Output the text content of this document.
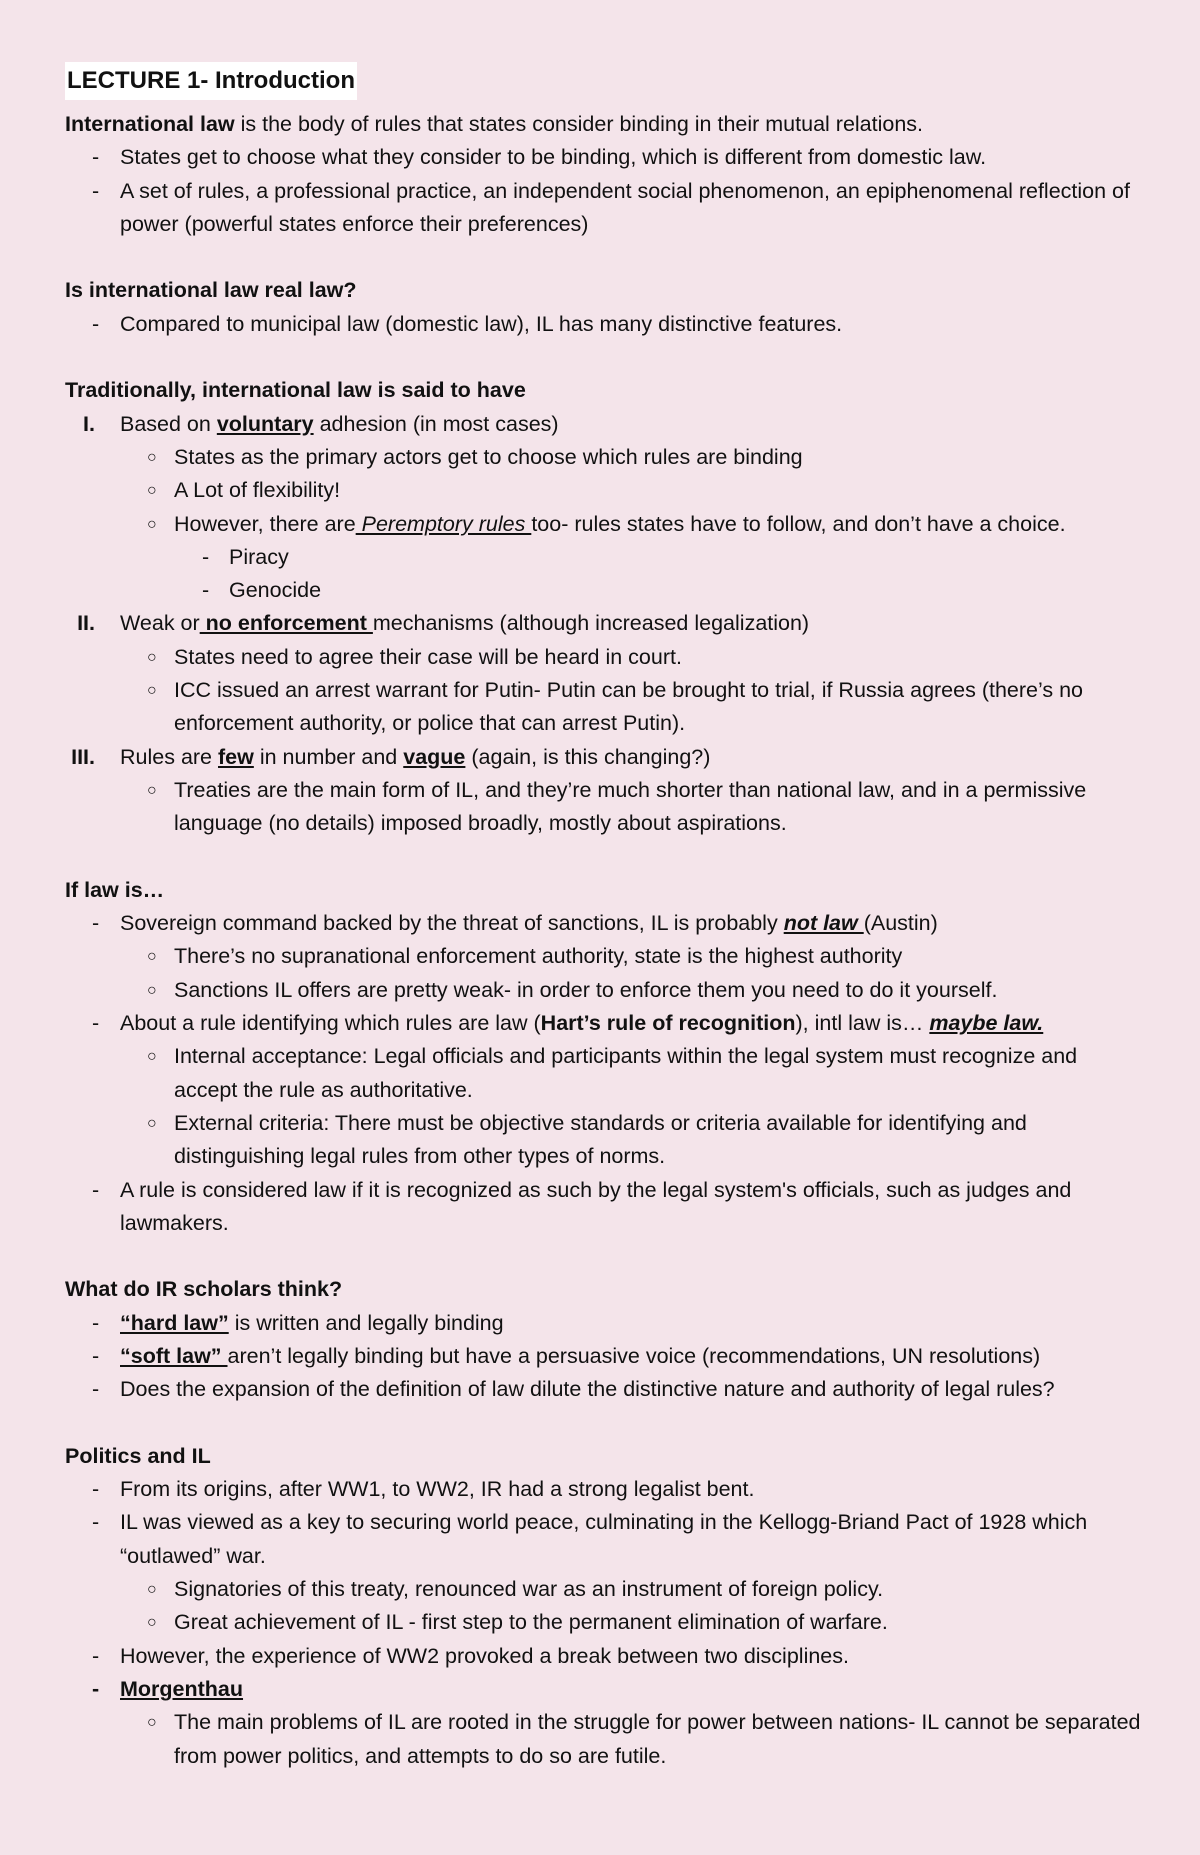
LECTURE 1- Introduction

International law is the body of rules that states consider binding in their mutual relations.

- States get to choose what they consider to be binding, which is different from domestic law.
- A set of rules, a professional practice, an independent social phenomenon, an epiphenomenal reflection of power (powerful states enforce their preferences)

Is international law real law?

- Compared to municipal law (domestic law), IL has many distinctive features.

Traditionally, international law is said to have

I. Based on voluntary adhesion (in most cases)
○ States as the primary actors get to choose which rules are binding
○ A Lot of flexibility!
○ However, there are Peremptory rules too- rules states have to follow, and don’t have a choice.
- Piracy
- Genocide
II. Weak or no enforcement mechanisms (although increased legalization)
○ States need to agree their case will be heard in court.
○ ICC issued an arrest warrant for Putin- Putin can be brought to trial, if Russia agrees (there’s no enforcement authority, or police that can arrest Putin).
III. Rules are few in number and vague (again, is this changing?)
○ Treaties are the main form of IL, and they’re much shorter than national law, and in a permissive language (no details) imposed broadly, mostly about aspirations.

If law is…

- Sovereign command backed by the threat of sanctions, IL is probably not law (Austin)
○ There’s no supranational enforcement authority, state is the highest authority
○ Sanctions IL offers are pretty weak- in order to enforce them you need to do it yourself.
- About a rule identifying which rules are law (Hart’s rule of recognition), intl law is… maybe law.
○ Internal acceptance: Legal officials and participants within the legal system must recognize and accept the rule as authoritative.
○ External criteria: There must be objective standards or criteria available for identifying and distinguishing legal rules from other types of norms.
- A rule is considered law if it is recognized as such by the legal system's officials, such as judges and lawmakers.

What do IR scholars think?

- “hard law” is written and legally binding
- “soft law” aren’t legally binding but have a persuasive voice (recommendations, UN resolutions)
- Does the expansion of the definition of law dilute the distinctive nature and authority of legal rules?

Politics and IL

- From its origins, after WW1, to WW2, IR had a strong legalist bent.
- IL was viewed as a key to securing world peace, culminating in the Kellogg-Briand Pact of 1928 which “outlawed” war.
○ Signatories of this treaty, renounced war as an instrument of foreign policy.
○ Great achievement of IL - first step to the permanent elimination of warfare.
- However, the experience of WW2 provoked a break between two disciplines.
- Morgenthau
○ The main problems of IL are rooted in the struggle for power between nations- IL cannot be separated from power politics, and attempts to do so are futile.
